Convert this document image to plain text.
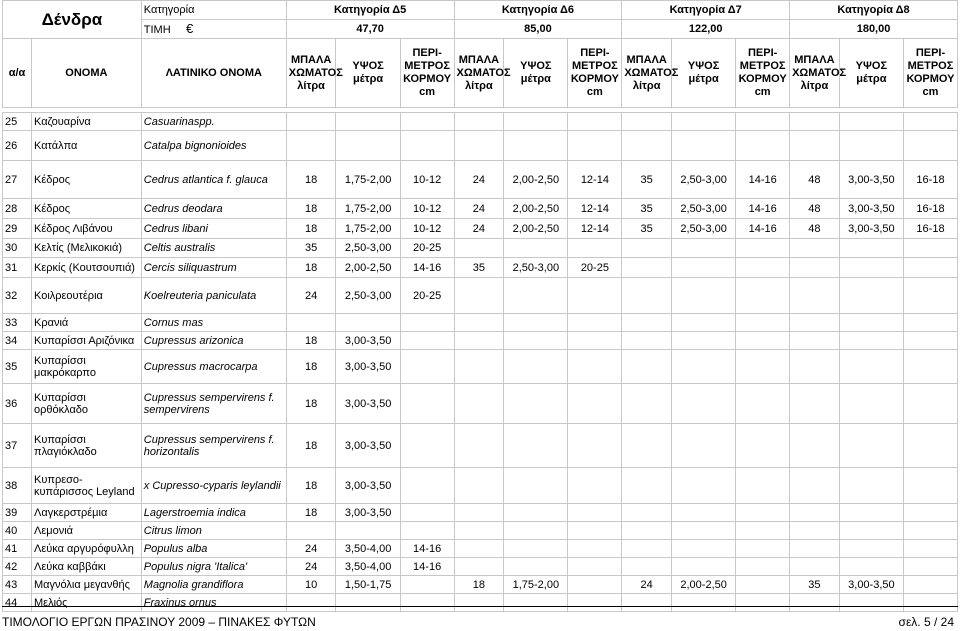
Δένδρα		Κατηγορία	Κατηγορία Δ5			Κατηγορία Δ6			Κατηγορία Δ7			Κατηγορία Δ8		
		ΤΙΜΗ €	47,70			85,00			122,00			180,00		
α/α	ΟΝΟΜΑ	ΛΑΤΙΝΙΚΟ ΟΝΟΜΑ	ΜΠΑΛΑ ΧΩΜΑΤΟΣ λίτρα	ΥΨΟΣ μέτρα	ΠΕΡΙ- ΜΕΤΡΟΣ ΚΟΡΜΟΥ cm	ΜΠΑΛΑ ΧΩΜΑΤΟΣ λίτρα	ΥΨΟΣ μέτρα	ΠΕΡΙ- ΜΕΤΡΟΣ ΚΟΡΜΟΥ cm	ΜΠΑΛΑ ΧΩΜΑΤΟΣ λίτρα	ΥΨΟΣ μέτρα	ΠΕΡΙ- ΜΕΤΡΟΣ ΚΟΡΜΟΥ cm	ΜΠΑΛΑ ΧΩΜΑΤΟΣ λίτρα	ΥΨΟΣ μέτρα	ΠΕΡΙ- ΜΕΤΡΟΣ ΚΟΡΜΟΥ cm

25	Καζουαρίνα	Casuarinaspp.												
26	Κατάλπα	Catalpa bignonioides												
27	Κέδρος	Cedrus atlantica f. glauca	18	1,75-2,00	10-12	24	2,00-2,50	12-14	35	2,50-3,00	14-16	48	3,00-3,50	16-18
28	Κέδρος	Cedrus deodara	18	1,75-2,00	10-12	24	2,00-2,50	12-14	35	2,50-3,00	14-16	48	3,00-3,50	16-18
29	Κέδρος Λιβάνου	Cedrus libani	18	1,75-2,00	10-12	24	2,00-2,50	12-14	35	2,50-3,00	14-16	48	3,00-3,50	16-18
30	Κελτίς (Μελικοκιά)	Celtis australis	35	2,50-3,00	20-25									
31	Κερκίς (Κουτσουπιά)	Cercis siliquastrum	18	2,00-2,50	14-16	35	2,50-3,00	20-25						
32	Κοιλρεουτέρια	Koelreuteria paniculata	24	2,50-3,00	20-25									
33	Κρανιά	Cornus mas												
34	Κυπαρίσσι Αριζόνικα	Cupressus arizonica	18	3,00-3,50										
35	Κυπαρίσσι μακρόκαρπο	Cupressus macrocarpa	18	3,00-3,50										
36	Κυπαρίσσι ορθόκλαδο	Cupressus sempervirens f. sempervirens	18	3,00-3,50										
37	Κυπαρίσσι πλαγιόκλαδο	Cupressus sempervirens f. horizontalis	18	3,00-3,50										
38	Κυπρεσο-κυπάρισσος Leyland	x Cupresso-cyparis leylandii	18	3,00-3,50										
39	Λαγκερστρέμια	Lagerstroemia indica	18	3,00-3,50										
40	Λεμονιά	Citrus limon												
41	Λεύκα αργυρόφυλλη	Populus alba	24	3,50-4,00	14-16									
42	Λεύκα καββάκι	Populus nigra 'Italica'	24	3,50-4,00	14-16									
43	Μαγνόλια μεγανθής	Magnolia grandiflora	10	1,50-1,75		18	1,75-2,00		24	2,00-2,50		35	3,00-3,50	
44	Μελιός	Fraxinus ornus												
ΤΙΜΟΛΟΓΙΟ ΕΡΓΩΝ ΠΡΑΣΙΝΟΥ 2009 – ΠΙΝΑΚΕΣ ΦΥΤΩΝ	σελ. 5 / 24
